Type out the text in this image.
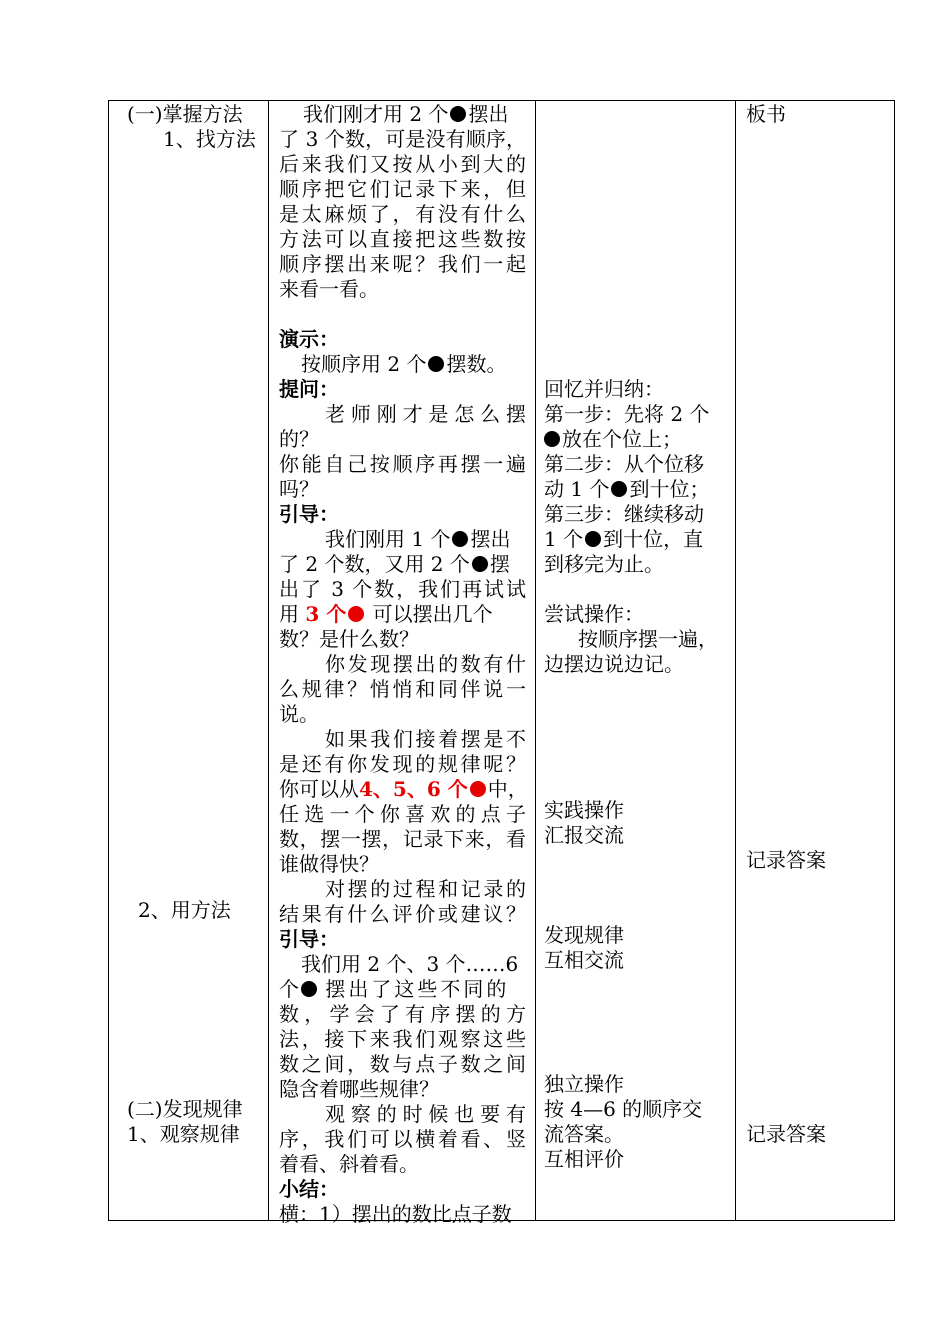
(一)掌握方法
1、找方法
2、用方法
(二)发现规律
1、观察规律
我们刚才用 2 个 摆出
了 3 个数，可是没有顺序，
后来我们又按从小到大的
顺序把它们记录下来，但
是太麻烦了，有没有什么
方法可以直接把这些数按
顺序摆出来呢？我们一起
来看一看。
演示：
按顺序用 2 个 摆数。
提问：
老师刚才是怎么摆
的？
你能自己按顺序再摆一遍
吗？
引导：
我们刚用 1 个 摆出
了 2 个数，又用 2 个 摆
出了 3 个数，我们再试试
用 3 个 可以摆出几个
数？是什么数？
你发现摆出的数有什
么规律？悄悄和同伴说一
说。
如果我们接着摆是不
是还有你发现的规律呢？
你可以从4、5、6 个 中，
任选一个你喜欢的点子
数，摆一摆，记录下来，看
谁做得快？
对摆的过程和记录的
结果有什么评价或建议？
引导：
我们用 2 个、3 个……6
个 摆出了这些不同的
数，学会了有序摆的方
法，接下来我们观察这些
数之间，数与点子数之间
隐含着哪些规律？
观察的时候也要有
序，我们可以横着看、竖
着看、斜着看。
小结：
横：1）摆出的数比点子数
回忆并归纳：
第一步：先将 2 个
放在个位上；
第二步：从个位移
动 1 个 到十位；
第三步：继续移动
1 个 到十位，直
到移完为止。
尝试操作：
按顺序摆一遍，
边摆边说边记。
实践操作
汇报交流
发现规律
互相交流
独立操作
按 4—6 的顺序交
流答案。
互相评价
板书
记录答案
记录答案
